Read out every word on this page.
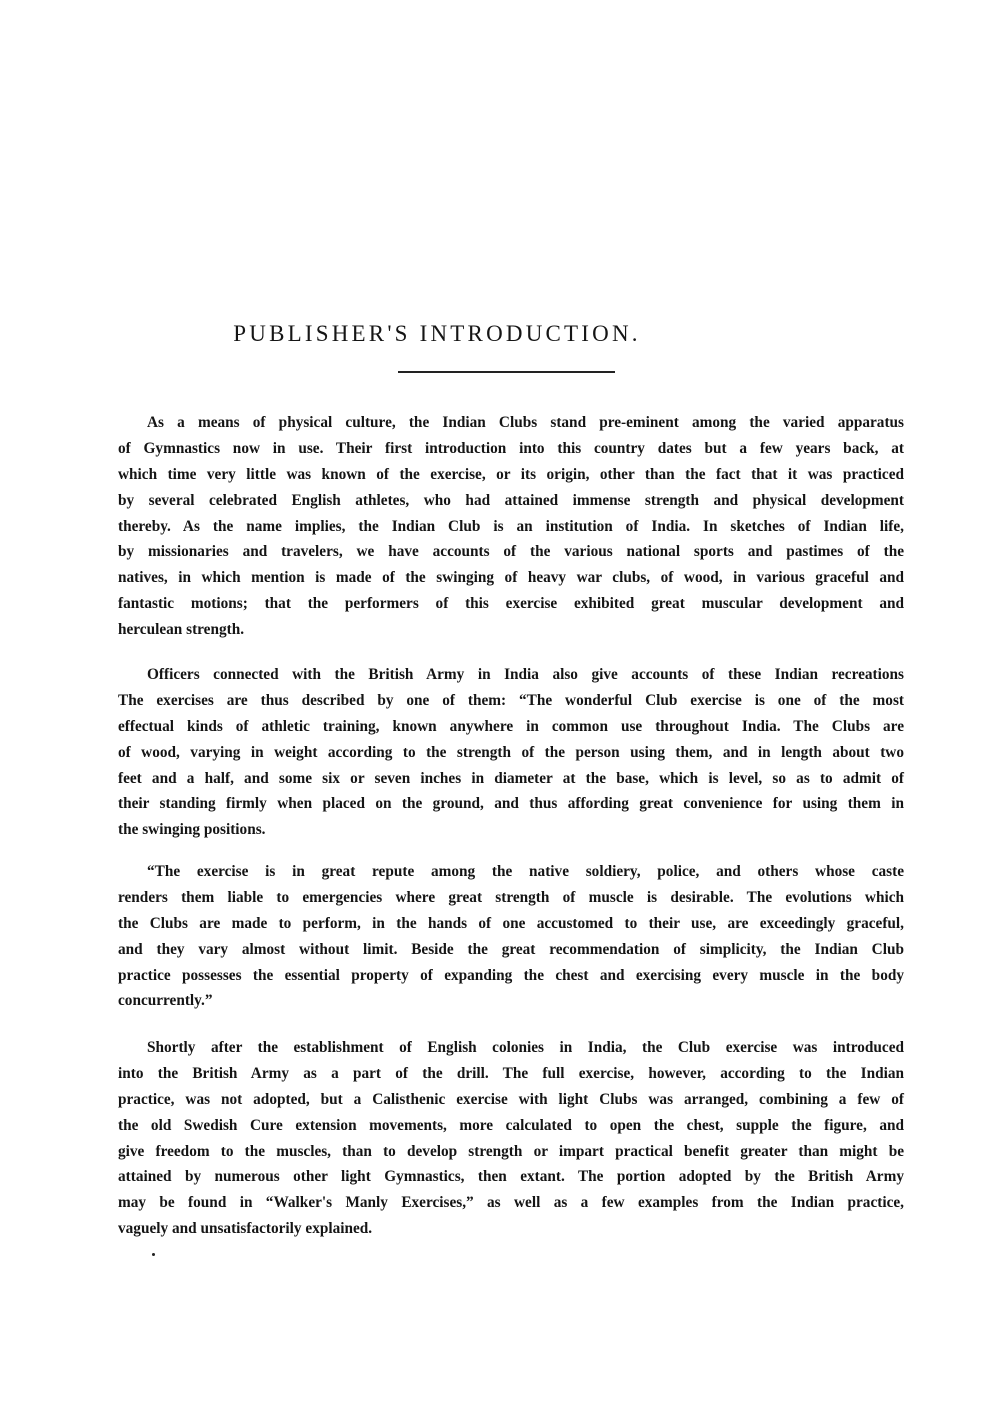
PUBLISHER'S INTRODUCTION.
As a means of physical culture, the Indian Clubs stand pre-eminent among the varied apparatus
of Gymnastics now in use. Their first introduction into this country dates but a few years back, at
which time very little was known of the exercise, or its origin, other than the fact that it was practiced
by several celebrated English athletes, who had attained immense strength and physical development
thereby. As the name implies, the Indian Club is an institution of India. In sketches of Indian life,
by missionaries and travelers, we have accounts of the various national sports and pastimes of the
natives, in which mention is made of the swinging of heavy war clubs, of wood, in various graceful and
fantastic motions; that the performers of this exercise exhibited great muscular development and
herculean strength.
Officers connected with the British Army in India also give accounts of these Indian recreations
The exercises are thus described by one of them: “The wonderful Club exercise is one of the most
effectual kinds of athletic training, known anywhere in common use throughout India. The Clubs are
of wood, varying in weight according to the strength of the person using them, and in length about two
feet and a half, and some six or seven inches in diameter at the base, which is level, so as to admit of
their standing firmly when placed on the ground, and thus affording great convenience for using them in
the swinging positions.
“The exercise is in great repute among the native soldiery, police, and others whose caste
renders them liable to emergencies where great strength of muscle is desirable. The evolutions which
the Clubs are made to perform, in the hands of one accustomed to their use, are exceedingly graceful,
and they vary almost without limit. Beside the great recommendation of simplicity, the Indian Club
practice possesses the essential property of expanding the chest and exercising every muscle in the body
concurrently.”
Shortly after the establishment of English colonies in India, the Club exercise was introduced
into the British Army as a part of the drill. The full exercise, however, according to the Indian
practice, was not adopted, but a Calisthenic exercise with light Clubs was arranged, combining a few of
the old Swedish Cure extension movements, more calculated to open the chest, supple the figure, and
give freedom to the muscles, than to develop strength or impart practical benefit greater than might be
attained by numerous other light Gymnastics, then extant. The portion adopted by the British Army
may be found in “Walker's Manly Exercises,” as well as a few examples from the Indian practice,
vaguely and unsatisfactorily explained.
